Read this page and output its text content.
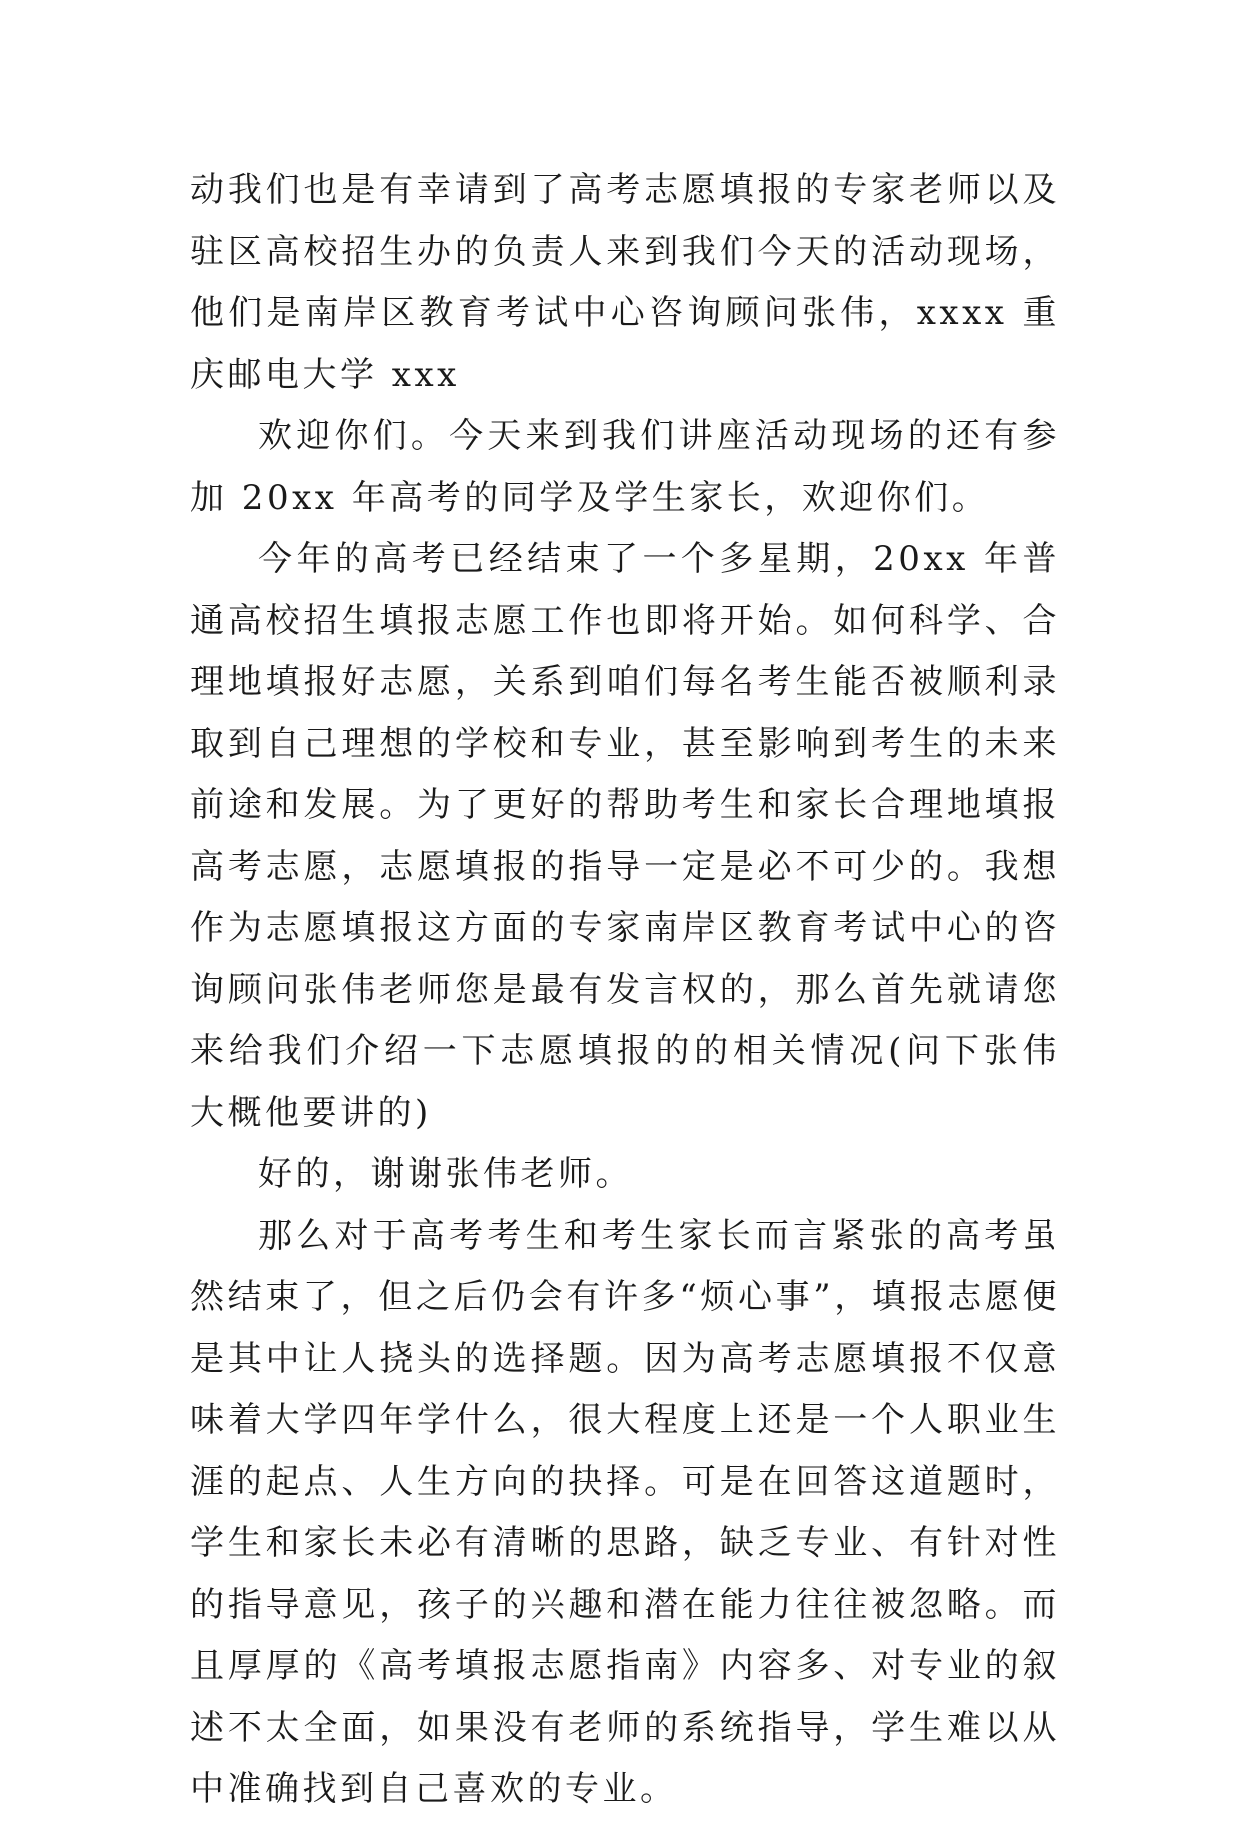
动我们也是有幸请到了高考志愿填报的专家老师以及驻区高校招生办的负责人来到我们今天的活动现场，他们是南岸区教育考试中心咨询顾问张伟，xxxx 重庆邮电大学 xxx

欢迎你们。今天来到我们讲座活动现场的还有参加 20xx 年高考的同学及学生家长，欢迎你们。

今年的高考已经结束了一个多星期，20xx 年普通高校招生填报志愿工作也即将开始。如何科学、合理地填报好志愿，关系到咱们每名考生能否被顺利录取到自己理想的学校和专业，甚至影响到考生的未来前途和发展。为了更好的帮助考生和家长合理地填报高考志愿，志愿填报的指导一定是必不可少的。我想作为志愿填报这方面的专家南岸区教育考试中心的咨询顾问张伟老师您是最有发言权的，那么首先就请您来给我们介绍一下志愿填报的的相关情况(问下张伟大概他要讲的)

好的，谢谢张伟老师。

那么对于高考考生和考生家长而言紧张的高考虽然结束了，但之后仍会有许多“烦心事”，填报志愿便是其中让人挠头的选择题。因为高考志愿填报不仅意味着大学四年学什么，很大程度上还是一个人职业生涯的起点、人生方向的抉择。可是在回答这道题时，学生和家长未必有清晰的思路，缺乏专业、有针对性的指导意见，孩子的兴趣和潜在能力往往被忽略。而且厚厚的《高考填报志愿指南》内容多、对专业的叙述不太全面，如果没有老师的系统指导，学生难以从中准确找到自己喜欢的专业。
